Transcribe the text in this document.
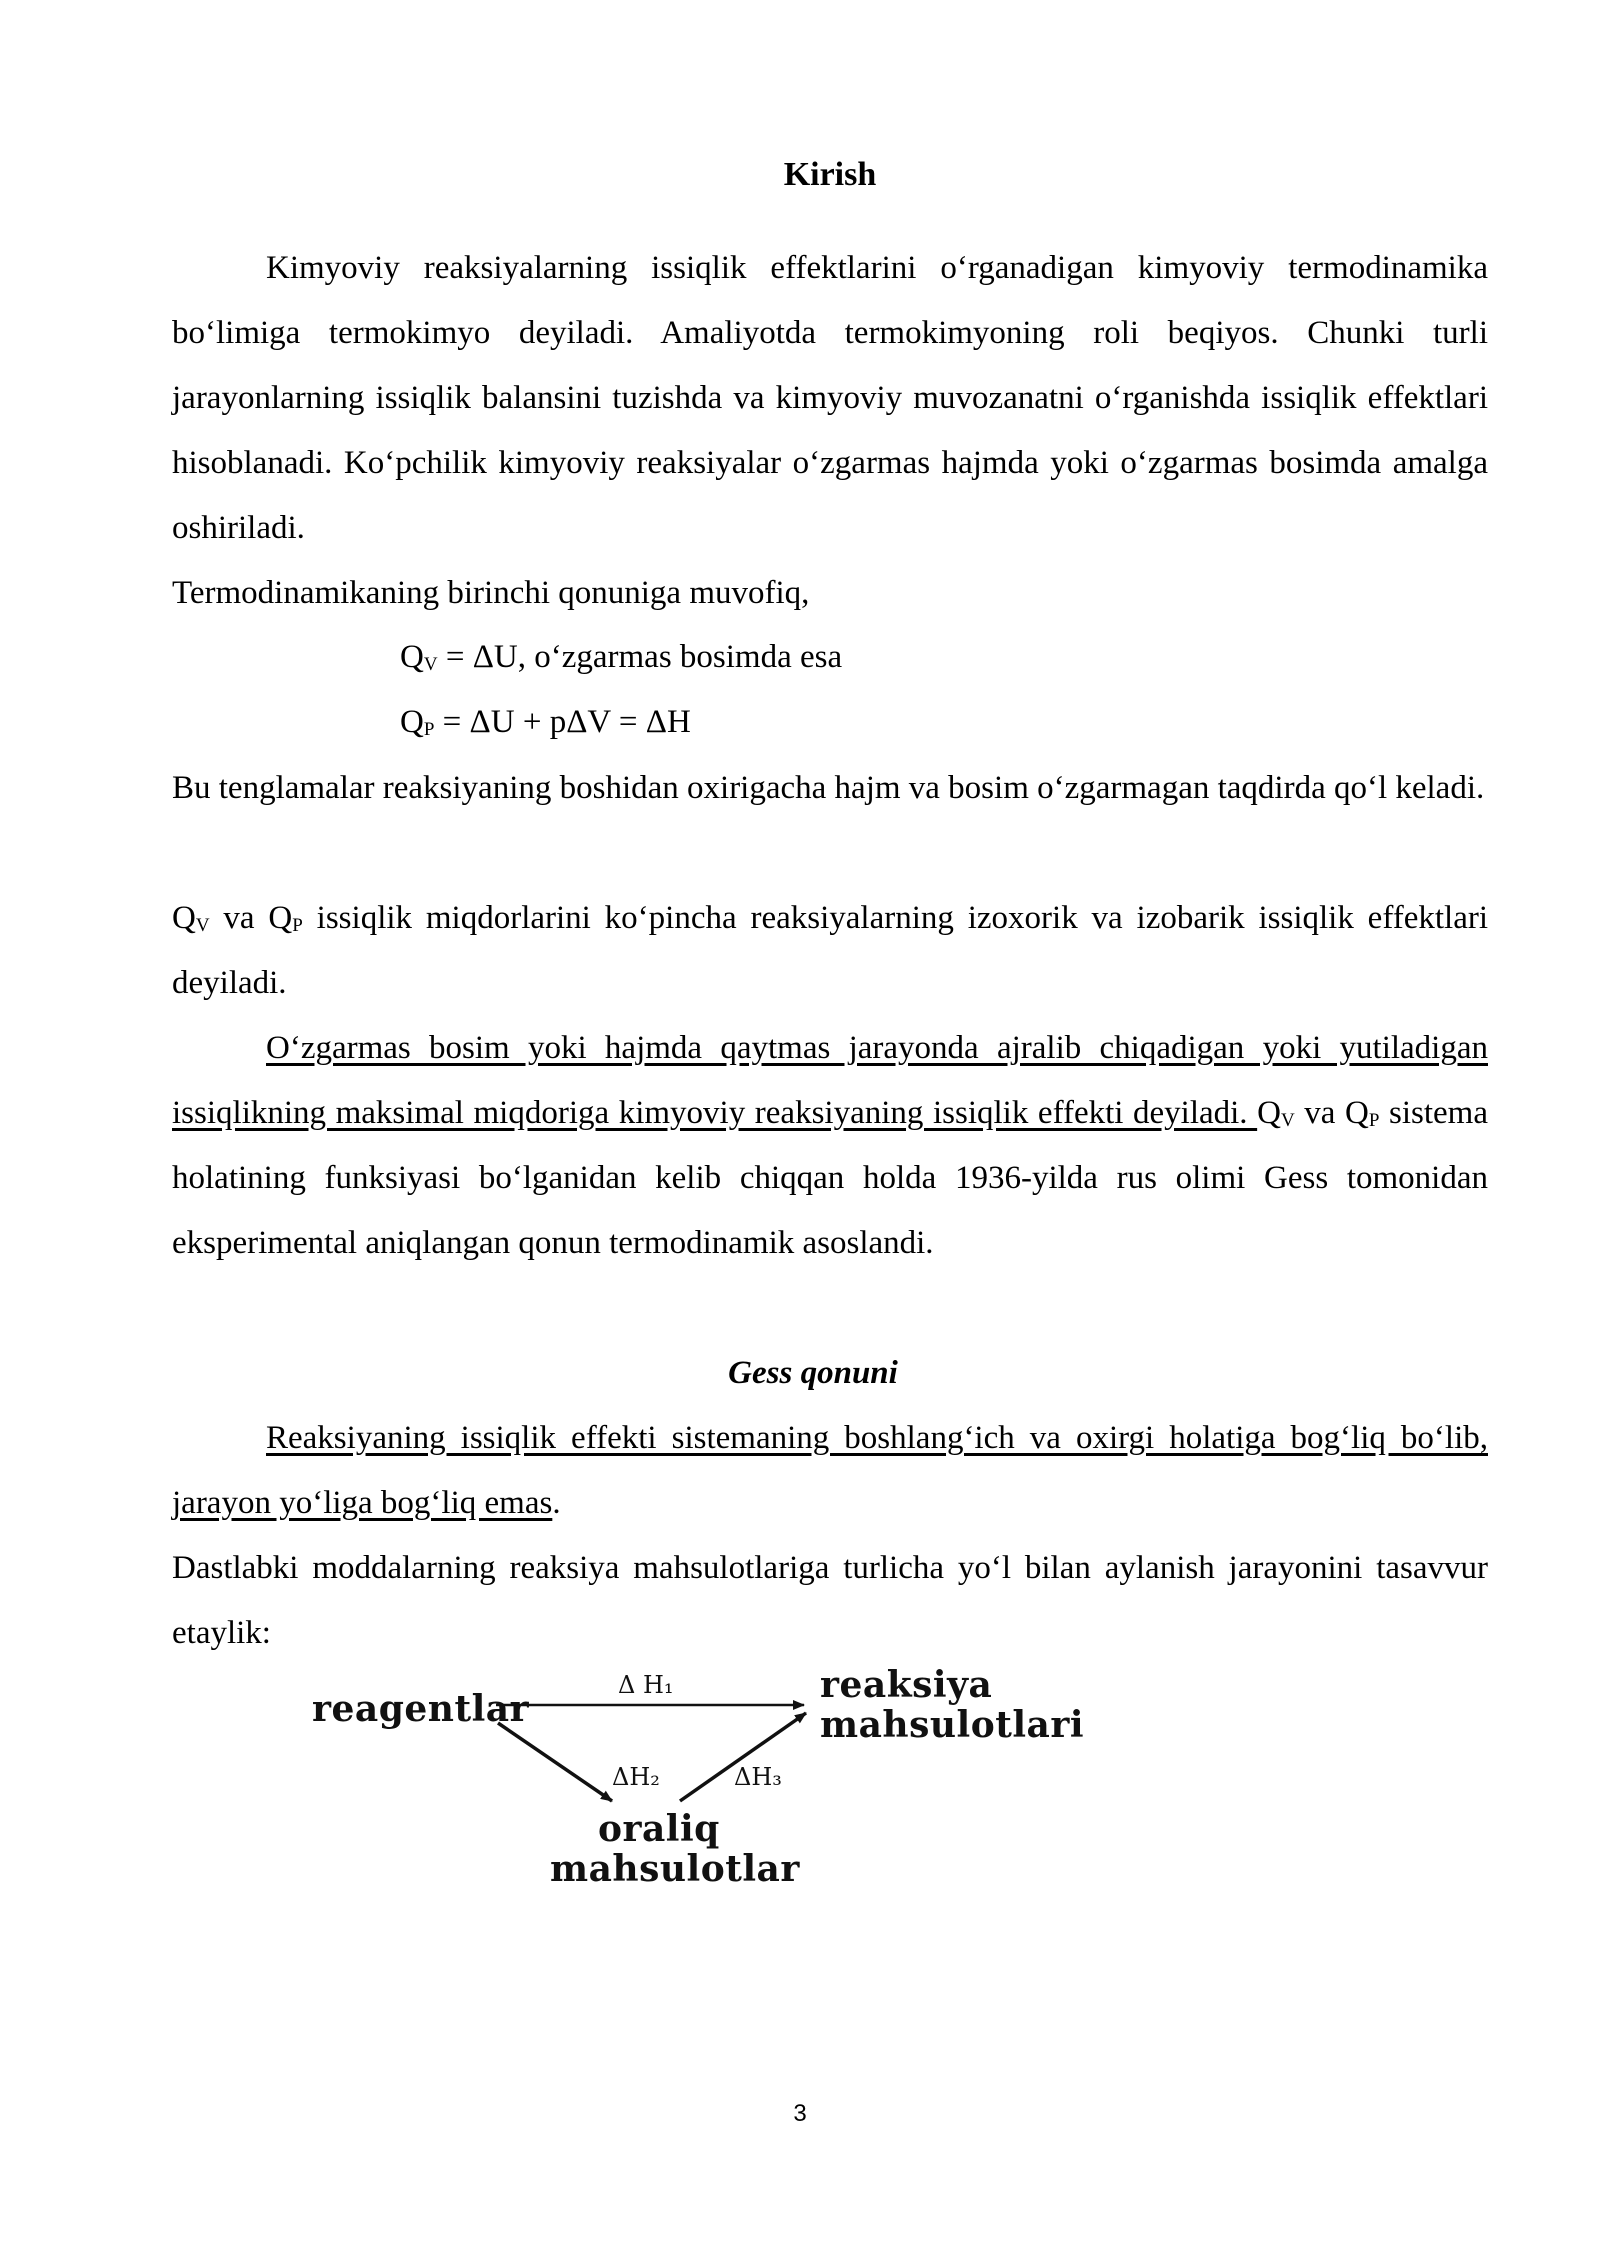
Kirish

Kimyoviy reaksiyalarning issiqlik effektlarini o‘rganadigan kimyoviy termodinamika bo‘limiga termokimyo deyiladi. Amaliyotda termokimyoning roli beqiyos. Chunki turli jarayonlarning issiqlik balansini tuzishda va kimyoviy muvozanatni o‘rganishda issiqlik effektlari hisoblanadi. Ko‘pchilik kimyoviy reaksiyalar o‘zgarmas hajmda yoki o‘zgarmas bosimda amalga oshiriladi.

Termodinamikaning birinchi qonuniga muvofiq,

$Q_V = \Delta U$, o‘zgarmas bosimda esa
$Q_P = \Delta U + p\Delta V = \Delta H$

Bu tenglamalar reaksiyaning boshidan oxirigacha hajm va bosim o‘zgarmagan taqdirda qo‘l keladi.

$Q_V$ va $Q_P$ issiqlik miqdorlarini ko‘pincha reaksiyalarning izoxorik va izobarik issiqlik effektlari deyiladi.

O‘zgarmas bosim yoki hajmda qaytmas jarayonda ajralib chiqadigan yoki yutiladigan issiqlikning maksimal miqdoriga kimyoviy reaksiyaning issiqlik effekti deyiladi. $Q_V$ va $Q_P$ sistema holatining funksiyasi bo‘lganidan kelib chiqqan holda 1936-yilda rus olimi Gess tomonidan eksperimental aniqlangan qonun termodinamik asoslandi.

Gess qonuni

Reaksiyaning issiqlik effekti sistemaning boshlang‘ich va oxirgi holatiga bog‘liq bo‘lib, jarayon yo‘liga bog‘liq emas.

Dastlabki moddalarning reaksiya mahsulotlariga turlicha yo‘l bilan aylanish jarayonini tasavvur etaylik:

reagentlar
reaksiya
mahsulotlari
oraliq
mahsulotlar
Δ H₁
ΔH₂	ΔH₃
3
